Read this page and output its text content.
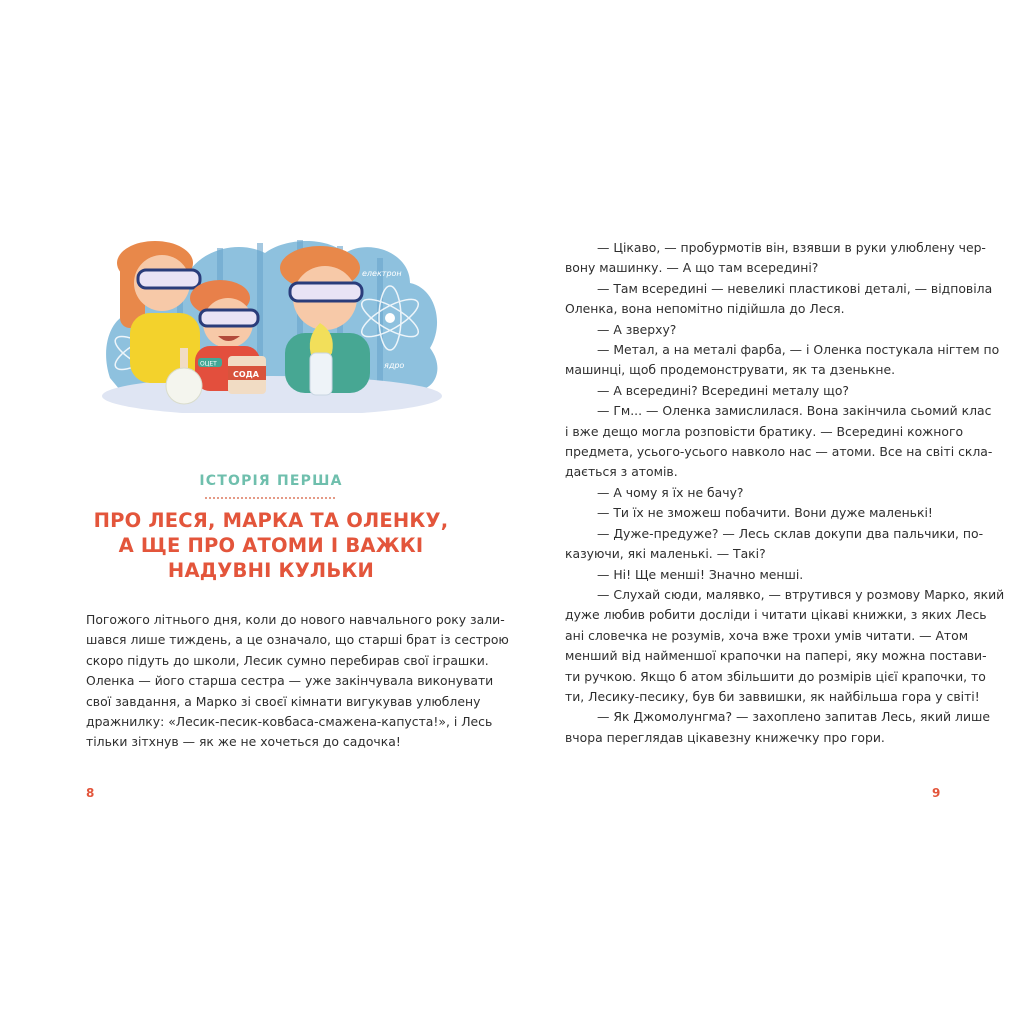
електрон
ядро
СОДА
ОЦЕТ
ІСТОРІЯ ПЕРША
ПРО ЛЕСЯ, МАРКА ТА ОЛЕНКУ,
А ЩЕ ПРО АТОМИ І ВАЖКІ
НАДУВНІ КУЛЬКИ
Погожого літнього дня, коли до нового навчального року зали-
шався лише тиждень, а це означало, що старші брат із сестрою
скоро підуть до школи, Лесик сумно перебирав свої іграшки.
Оленка — його старша сестра — уже закінчувала виконувати
свої завдання, а Марко зі своєї кімнати вигукував улюблену
дражнилку: «Лесик-песик-ковбаса-смажена-капуста!», і Лесь
тільки зітхнув — як же не хочеться до садочка!
8
— Цікаво, — пробурмотів він, взявши в руки улюблену чер-
вону машинку. — А що там всередині?
— Там всередині — невеликі пластикові деталі, — відповіла
Оленка, вона непомітно підійшла до Леся.
— А зверху?
— Метал, а на металі фарба, — і Оленка постукала нігтем по
машинці, щоб продемонструвати, як та дзенькне.
— А всередині? Всередині металу що?
— Гм... — Оленка замислилася. Вона закінчила сьомий клас
і вже дещо могла розповісти братику. — Всередині кожного
предмета, усього-усього навколо нас — атоми. Все на світі скла-
дається з атомів.
— А чому я їх не бачу?
— Ти їх не зможеш побачити. Вони дуже маленькі!
— Дуже-предуже? — Лесь склав докупи два пальчики, по-
казуючи, які маленькі. — Такі?
— Ні! Ще менші! Значно менші.
— Слухай сюди, малявко, — втрутився у розмову Марко, який
дуже любив робити досліди і читати цікаві книжки, з яких Лесь
ані словечка не розумів, хоча вже трохи умів читати. — Атом
менший від найменшої крапочки на папері, яку можна постави-
ти ручкою. Якщо б атом збільшити до розмірів цієї крапочки, то
ти, Лесику-песику, був би заввишки, як найбільша гора у світі!
— Як Джомолунгма? — захоплено запитав Лесь, який лише
вчора переглядав цікавезну книжечку про гори.
9
